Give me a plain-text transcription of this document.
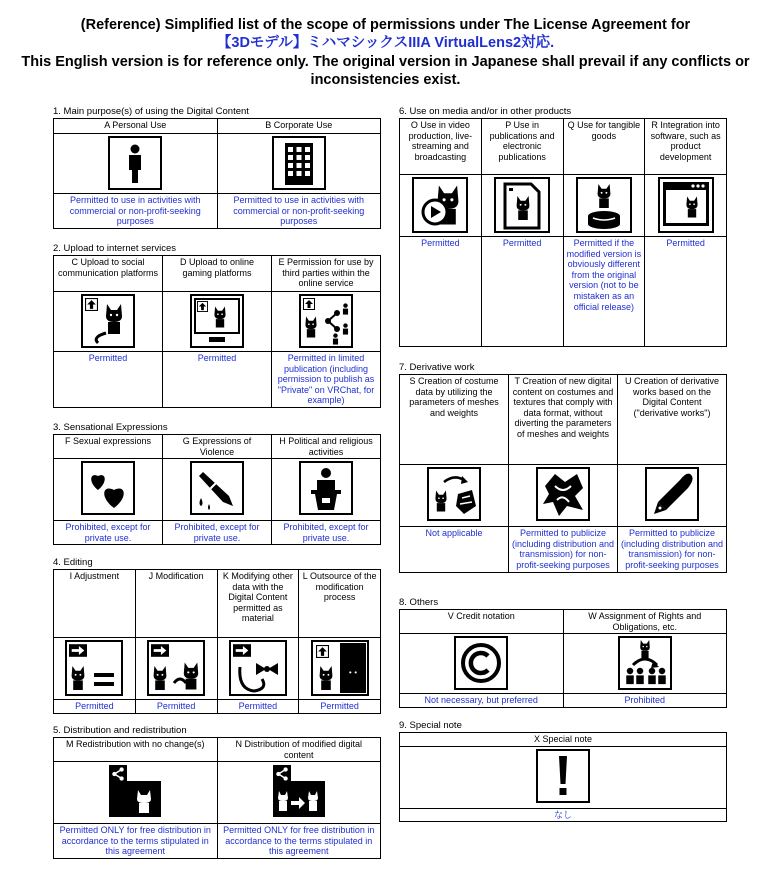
(Reference) Simplified list of the scope of permissions under The License Agreement for
【3Dモデル】ミハマシックスIIIA VirtualLens2対応.
This English version is for reference only. The original version in Japanese shall prevail if any conflicts or
inconsistencies exist.
1. Main purpose(s) of using the Digital Content
A Personal Use	B Corporate Use

Permitted to use in activities with commercial or non-profit-seeking purposes	Permitted to use in activities with commercial or non-profit-seeking purposes
2. Upload to internet services
C Upload to social communication platforms	D Upload to online gaming platforms	E Permission for use by third parties within the online service

Permitted	Permitted	Permitted in limited publication (including permission to publish as "Private" on VRChat, for example)
3. Sensational Expressions
F Sexual expressions	G Expressions of Violence	H Political and religious activities

Prohibited, except for private use.	Prohibited, except for private use.	Prohibited, except for private use.
4. Editing
I Adjustment	J Modification	K Modifying other data with the Digital Content permitted as material	L Outsource of the modification process

Permitted	Permitted	Permitted	Permitted
5. Distribution and redistribution
M Redistribution with no change(s)	N Distribution of modified digital content

Permitted ONLY for free distribution in accordance to the terms stipulated in this agreement	Permitted ONLY for free distribution in accordance to the terms stipulated in this agreement
6. Use on media and/or in other products
O Use in video production, live-streaming and broadcasting	P Use in publications and electronic publications	Q Use for tangible goods	R Integration into software, such as product development

Permitted	Permitted	Permitted if the modified version is obviously different from the original version (not to be mistaken as an official release)	Permitted
7. Derivative work
S Creation of costume data by utilizing the parameters of meshes and weights	T Creation of new digital content on costumes and textures that comply with data format, without diverting the parameters of meshes and weights	U Creation of derivative works based on the Digital Content ("derivative works")

Not applicable	Permitted to publicize (including distribution and transmission) for non-profit-seeking purposes	Permitted to publicize (including distribution and transmission) for non-profit-seeking purposes
8. Others
V Credit notation	W Assignment of Rights and Obligations, etc.

Not necessary, but preferred	Prohibited
9. Special note
X Special note

なし
